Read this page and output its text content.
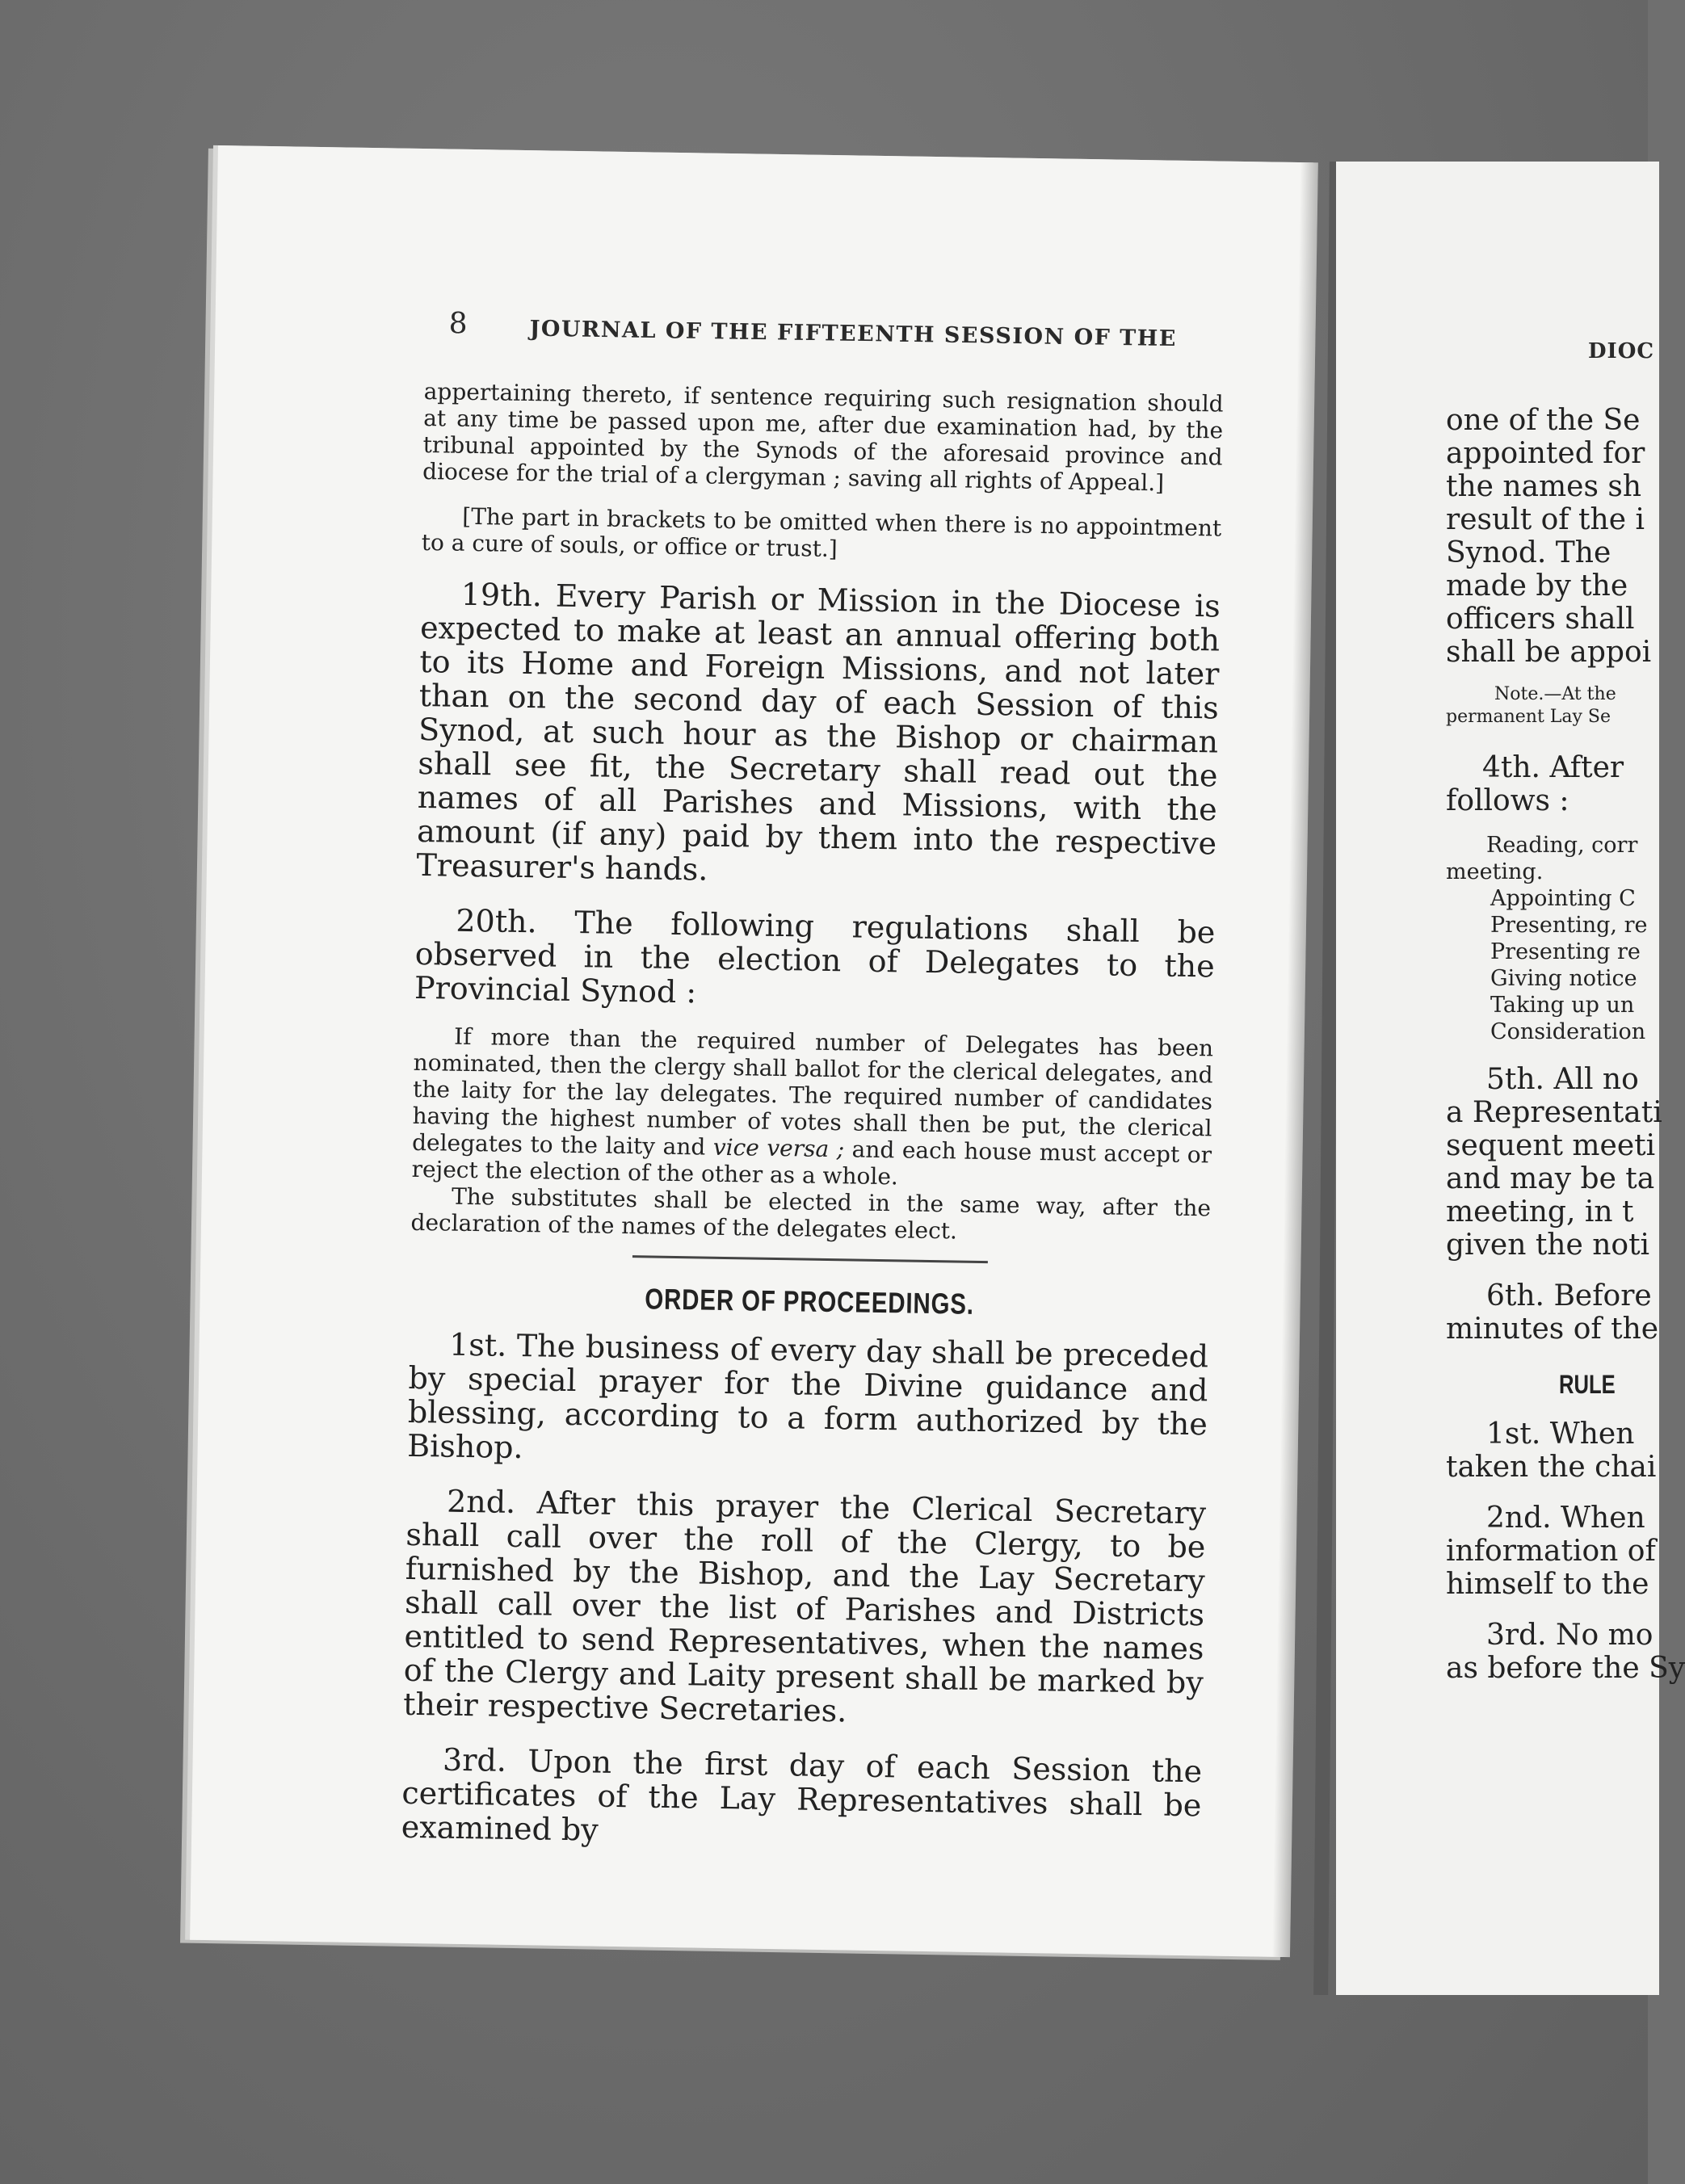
8	JOURNAL OF THE FIFTEENTH SESSION OF THE

appertaining thereto, if sentence requiring such resignation should at any time be passed upon me, after due examination had, by the tribunal appointed by the Synods of the aforesaid province and diocese for the trial of a clergyman ; saving all rights of Appeal.]

[The part in brackets to be omitted when there is no appointment to a cure of souls, or office or trust.]

19th. Every Parish or Mission in the Diocese is expected to make at least an annual offering both to its Home and Foreign Missions, and not later than on the second day of each Session of this Synod, at such hour as the Bishop or chairman shall see fit, the Secretary shall read out the names of all Parishes and Missions, with the amount (if any) paid by them into the respective Treasurer's hands.

20th. The following regulations shall be observed in the election of Delegates to the Provincial Synod :

If more than the required number of Delegates has been nominated, then the clergy shall ballot for the clerical delegates, and the laity for the lay delegates. The required number of candidates having the highest number of votes shall then be put, the clerical delegates to the laity and vice versa ; and each house must accept or reject the election of the other as a whole.

The substitutes shall be elected in the same way, after the declaration of the names of the delegates elect.

ORDER OF PROCEEDINGS.

1st. The business of every day shall be preceded by special prayer for the Divine guidance and blessing, according to a form authorized by the Bishop.

2nd. After this prayer the Clerical Secretary shall call over the roll of the Clergy, to be furnished by the Bishop, and the Lay Secretary shall call over the list of Parishes and Districts entitled to send Representatives, when the names of the Clergy and Laity present shall be marked by their respective Secretaries.

3rd. Upon the first day of each Session the certificates of the Lay Representatives shall be examined by

DIOC

one of the Se

appointed for

the names sh

result of the i

Synod. The

made by the

officers shall

shall be appoi

Note.—At the

permanent Lay Se

4th. After

follows :

Reading, corr

meeting.

Appointing C

Presenting, re

Presenting re

Giving notice

Taking up un

Consideration

5th. All no

a Representati

sequent meeti

and may be ta

meeting, in t

given the noti

6th. Before

minutes of the

RULE

1st. When

taken the chai

2nd. When

information of

himself to the

3rd. No mo

as before the Sy
